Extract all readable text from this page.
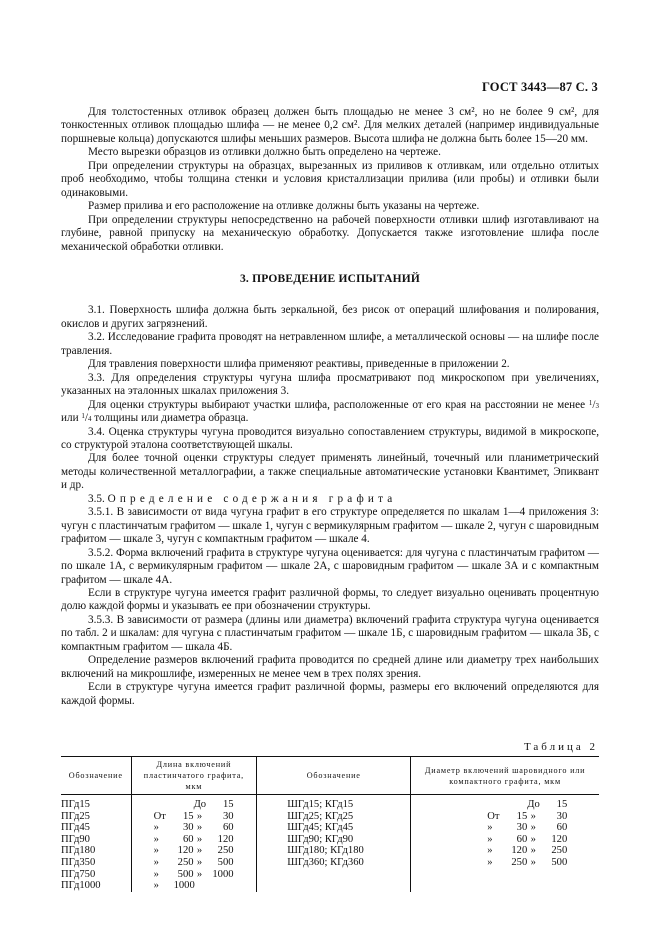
ГОСТ 3443—87 С. 3

Для толстостенных отливок образец должен быть площадью не менее 3 см², но не более 9 см², для тонкостенных отливок площадью шлифа — не менее 0,2 см². Для мелких деталей (например индивидуальные поршневые кольца) допускаются шлифы меньших размеров. Высота шлифа не должна быть более 15—20 мм.

Место вырезки образцов из отливки должно быть определено на чертеже.

При определении структуры на образцах, вырезанных из приливов к отливкам, или отдельно отлитых проб необходимо, чтобы толщина стенки и условия кристаллизации прилива (или пробы) и отливки были одинаковыми.

Размер прилива и его расположение на отливке должны быть указаны на чертеже.

При определении структуры непосредственно на рабочей поверхности отливки шлиф изготавливают на глубине, равной припуску на механическую обработку. Допускается также изготовление шлифа после механической обработки отливки.

3. ПРОВЕДЕНИЕ ИСПЫТАНИЙ

3.1. Поверхность шлифа должна быть зеркальной, без рисок от операций шлифования и полирования, окислов и других загрязнений.

3.2. Исследование графита проводят на нетравленном шлифе, а металлической основы — на шлифе после травления.

Для травления поверхности шлифа применяют реактивы, приведенные в приложении 2.

3.3. Для определения структуры чугуна шлифа просматривают под микроскопом при увеличениях, указанных на эталонных шкалах приложения 3.

Для оценки структуры выбирают участки шлифа, расположенные от его края на расстоянии не менее $^1/_3$ или $^1/_4$ толщины или диаметра образца.

3.4. Оценка структуры чугуна проводится визуально сопоставлением структуры, видимой в микроскопе, со структурой эталона соответствующей шкалы.

Для более точной оценки структуры следует применять линейный, точечный или планиметрический методы количественной металлографии, а также специальные автоматические установки Квантимет, Эпиквант и др.

3.5. Определение содержания графита

3.5.1. В зависимости от вида чугуна графит в его структуре определяется по шкалам 1—4 приложения 3: чугун с пластинчатым графитом — шкале 1, чугун с вермикулярным графитом — шкале 2, чугун с шаровидным графитом — шкале 3, чугун с компактным графитом — шкале 4.

3.5.2. Форма включений графита в структуре чугуна оценивается: для чугуна с пластинчатым графитом — по шкале 1А, с вермикулярным графитом — шкале 2А, с шаровидным графитом — шкале 3А и с компактным графитом — шкале 4А.

Если в структуре чугуна имеется графит различной формы, то следует визуально оценивать процентную долю каждой формы и указывать ее при обозначении структуры.

3.5.3. В зависимости от размера (длины или диаметра) включений графита структура чугуна оценивается по табл. 2 и шкалам: для чугуна с пластинчатым графитом — шкале 1Б, с шаровидным графитом — шкала 3Б, с компактным графитом — шкала 4Б.

Определение размеров включений графита проводится по средней длине или диаметру трех наибольших включений на микрошлифе, измеренных не менее чем в трех полях зрения.

Если в структуре чугуна имеется графит различной формы, размеры его включений определяются для каждой формы.

Таблица 2
Обозначение	Длина включений пластинчатого графита, мкм	Обозначение	Диаметр включений шаровидного или компактного графита, мкм
ПГд15	До 15	ШГд15; КГд15	До 15
ПГд25	От 15 » 30	ШГд25; КГд25	От 15 » 30
ПГд45	» 30 » 60	ШГд45; КГд45	» 30 » 60
ПГд90	» 60 » 120	ШГд90; КГд90	» 60 » 120
ПГд180	» 120 » 250	ШГд180; КГд180	» 120 » 250
ПГд350	» 250 » 500	ШГд360; КГд360	» 250 » 500
ПГд750	» 500 » 1000		
ПГд1000	» 1000		
